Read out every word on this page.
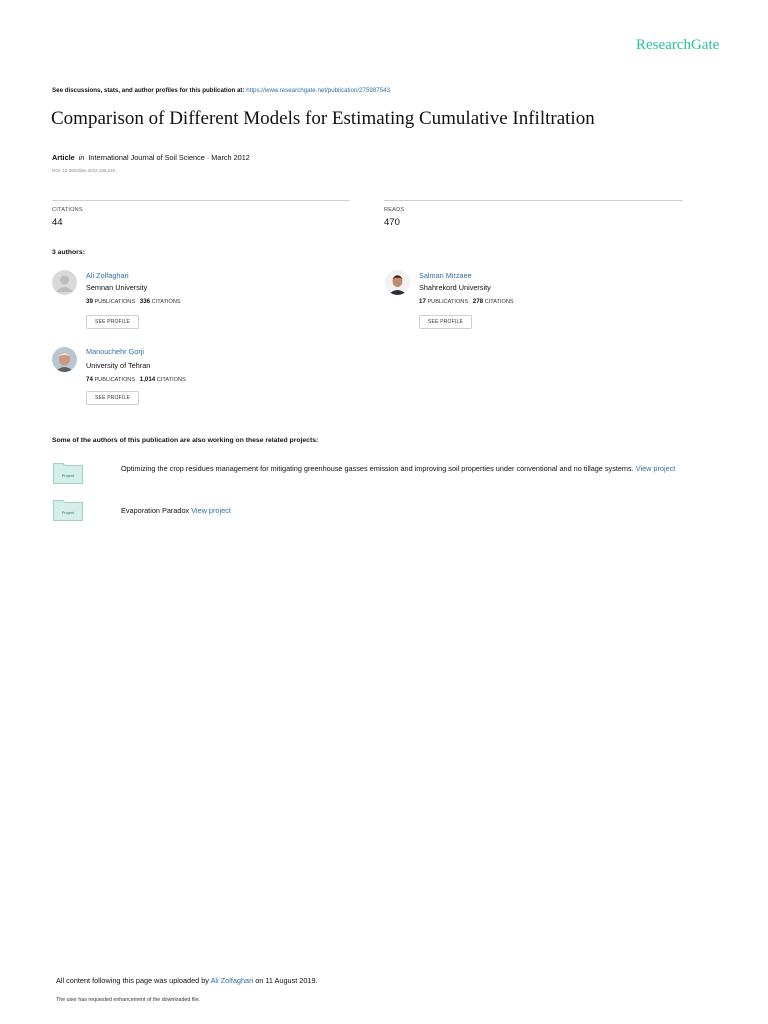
ResearchGate
See discussions, stats, and author profiles for this publication at: https://www.researchgate.net/publication/275987543
Comparison of Different Models for Estimating Cumulative Infiltration
Article in International Journal of Soil Science · March 2012
DOI: 10.3923/ijss.2012.108.115
CITATIONS
44
READS
470
3 authors:
Ali Zolfaghari
Semnan University
39 PUBLICATIONS 336 CITATIONS
SEE PROFILE
Salman Mirzaee
Shahrekord University
17 PUBLICATIONS 278 CITATIONS
SEE PROFILE
Manouchehr Gorji
University of Tehran
74 PUBLICATIONS 1,014 CITATIONS
SEE PROFILE
Some of the authors of this publication are also working on these related projects:
Project
Optimizing the crop residues management for mitigating greenhouse gasses emission and improving soil properties under conventional and no tillage systems. View project
Project	Evaporation Paradox View project
All content following this page was uploaded by Ali Zolfaghari on 11 August 2019.
The user has requested enhancement of the downloaded file.
